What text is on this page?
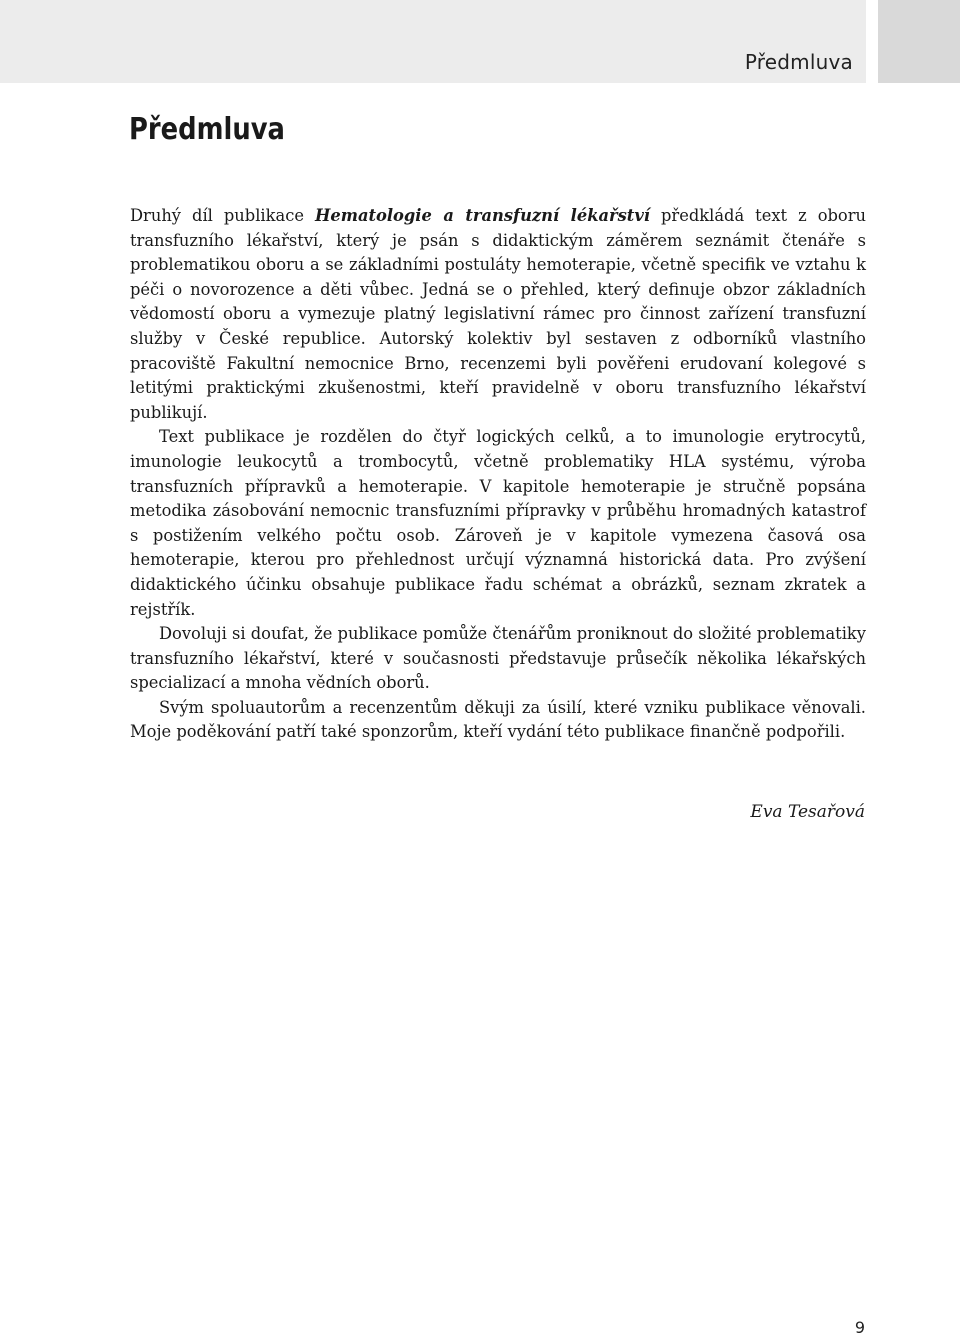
Předmluva
Předmluva

Druhý díl publikace Hematologie a transfuzní lékařství předkládá text z oboru transfuzního lékařství, který je psán s didaktickým záměrem seznámit čtenáře s problematikou oboru a se základními postuláty hemoterapie, včetně specifik ve vztahu k péči o novorozence a děti vůbec. Jedná se o přehled, který definuje obzor základních vědomostí oboru a vymezuje platný legislativní rámec pro činnost zařízení transfuzní služby v České republice. Autorský kolektiv byl sestaven z odborníků vlastního pracoviště Fakultní nemocnice Brno, recenzemi byli pověřeni erudovaní kolegové s letitými praktickými zkušenostmi, kteří pravidelně v oboru transfuzního lékařství publikují.

Text publikace je rozdělen do čtyř logických celků, a to imunologie erytrocytů, imunologie leukocytů a trombocytů, včetně problematiky HLA systému, výroba transfuzních přípravků a hemoterapie. V kapitole hemoterapie je stručně popsána metodika zásobování nemocnic transfuzními přípravky v průběhu hromadných katastrof s postižením velkého počtu osob. Zároveň je v kapitole vymezena časová osa hemoterapie, kterou pro přehlednost určují významná historická data. Pro zvýšení didaktického účinku obsahuje publikace řadu schémat a obrázků, seznam zkratek a rejstřík.

Dovoluji si doufat, že publikace pomůže čtenářům proniknout do složité problematiky transfuzního lékařství, které v současnosti představuje průsečík několika lékařských specializací a mnoha vědních oborů.

Svým spoluautorům a recenzentům děkuji za úsilí, které vzniku publikace věnovali. Moje poděkování patří také sponzorům, kteří vydání této publikace finančně podpořili.

Eva Tesařová
9
